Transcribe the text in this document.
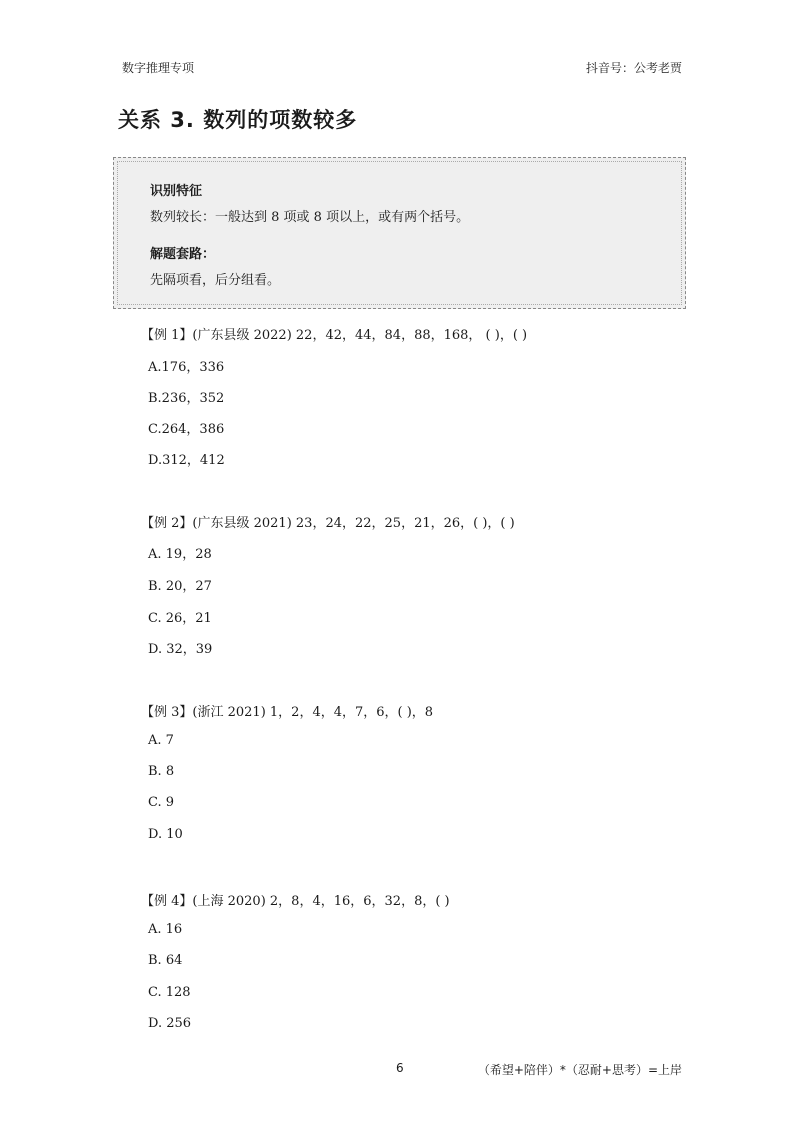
数字推理专项	抖音号：公考老贾
关系 3. 数列的项数较多
识别特征
数列较长：一般达到 8 项或 8 项以上，或有两个括号。
解题套路：
先隔项看，后分组看。
【例 1】(广东县级 2022) 22，42，44，84，88，168， ( )，( )
A.176，336
B.236，352
C.264，386
D.312，412
【例 2】(广东县级 2021) 23，24，22，25，21，26，( )，( )
A. 19，28
B. 20，27
C. 26，21
D. 32，39
【例 3】(浙江 2021) 1，2，4，4，7，6，( )，8
A. 7
B. 8
C. 9
D. 10
【例 4】(上海 2020) 2，8，4，16，6，32，8，( )
A. 16
B. 64
C. 128
D. 256
6	（希望+陪伴）*（忍耐+思考）=上岸
